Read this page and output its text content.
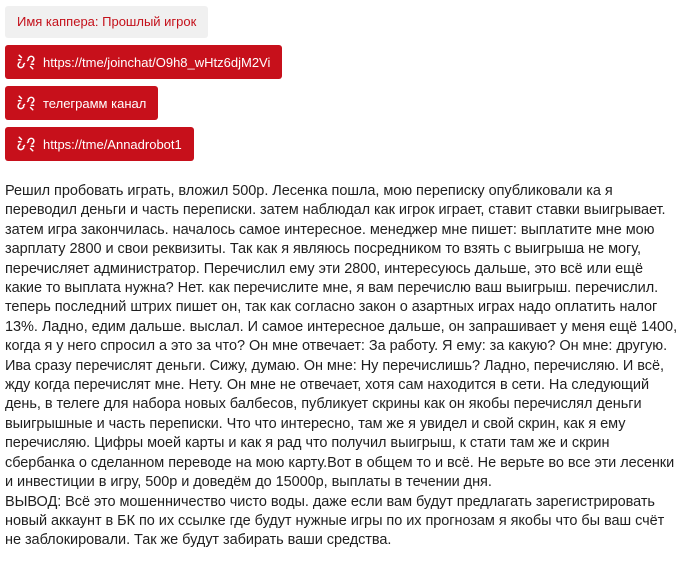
Имя каппера: Прошлый игрок
https://tme/joinchat/O9h8_wHtz6djM2Vi
телеграмм канал
https://tme/Annadrobot1

Решил пробовать играть, вложил 500р. Лесенка пошла, мою переписку опубликовали ка я переводил деньги и часть переписки. затем наблюдал как игрок играет, ставит ставки выигрывает. затем игра закончилась. началось самое интересное. менеджер мне пишет: выплатите мне мою зарплату 2800 и свои реквизиты. Так как я являюсь посредником то взять с выигрыша не могу, перечисляет администратор. Перечислил ему эти 2800, интересуюсь дальше, это всё или ещё какие то выплата нужна? Нет. как перечислите мне, я вам перечислю ваш выигрыш. перечислил. теперь последний штрих пишет он, так как согласно закон о азартных играх надо оплатить налог 13%. Ладно, едим дальше. выслал. И самое интересное дальше, он запрашивает у меня ещё 1400, когда я у него спросил а это за что? Он мне отвечает: За работу. Я ему: за какую? Он мне: другую. Ива сразу перечислят деньги. Сижу, думаю. Он мне: Ну перечислишь? Ладно, перечисляю. И всё, жду когда перечислят мне. Нету. Он мне не отвечает, хотя сам находится в сети. На следующий день, в телеге для набора новых балбесов, публикует скрины как он якобы перечислял деньги выигрышные и часть переписки. Что что интересно, там же я увидел и свой скрин, как я ему перечисляю. Цифры моей карты и как я рад что получил выигрыш, к стати там же и скрин сбербанка о сделанном переводе на мою карту.Вот в общем то и всё. Не верьте во все эти лесенки и инвестиции в игру, 500р и доведём до 15000р, выплаты в течении дня.

ВЫВОД: Всё это мошенничество чисто воды. даже если вам будут предлагать зарегистрировать новый аккаунт в БК по их ссылке где будут нужные игры по их прогнозам я якобы что бы ваш счёт не заблокировали. Так же будут забирать ваши средства.
